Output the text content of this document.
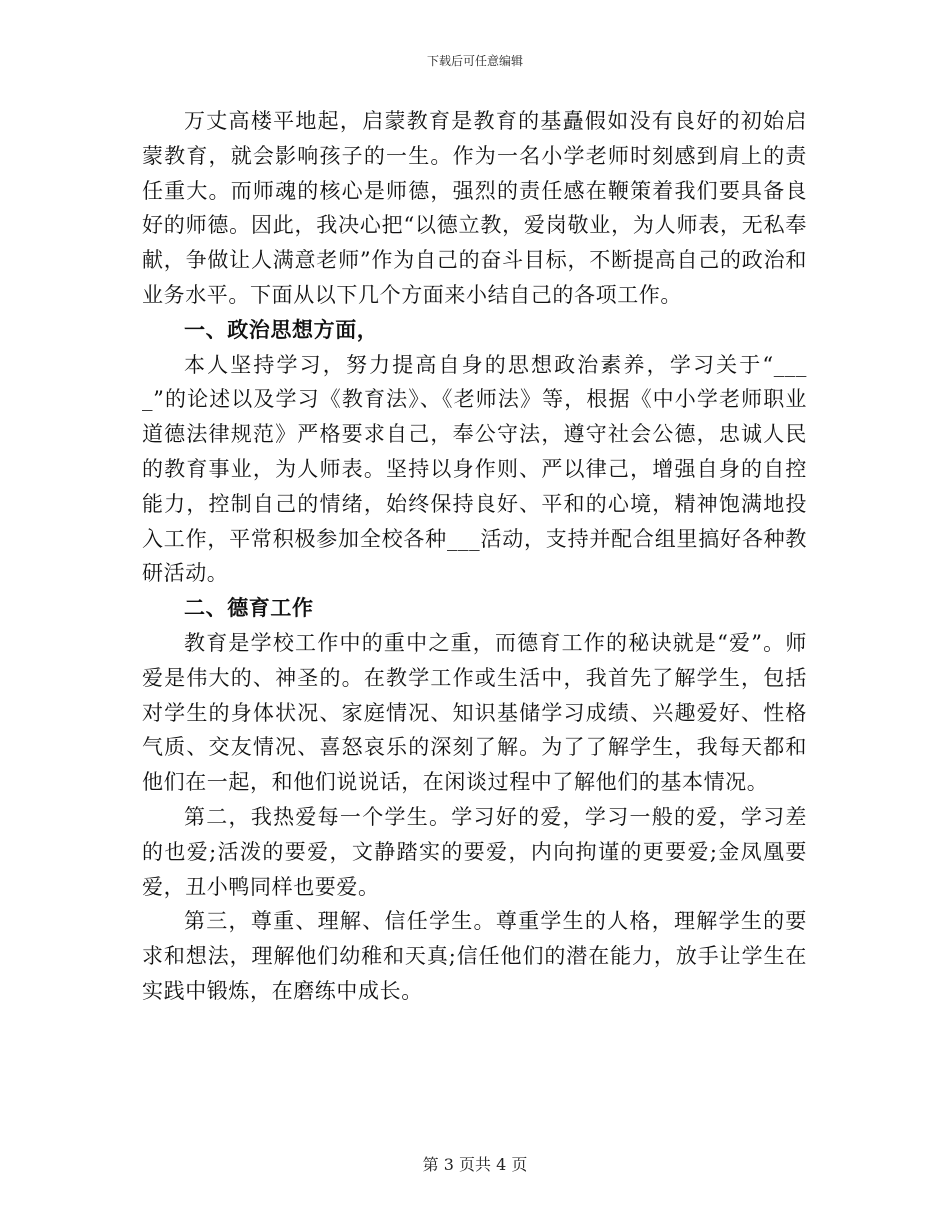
下载后可任意编辑

万丈高楼平地起，启蒙教育是教育的基矗假如没有良好的初始启蒙教育，就会影响孩子的一生。作为一名小学老师时刻感到肩上的责任重大。而师魂的核心是师德，强烈的责任感在鞭策着我们要具备良好的师德。因此，我决心把“以德立教，爱岗敬业，为人师表，无私奉献，争做让人满意老师”作为自己的奋斗目标，不断提高自己的政治和业务水平。下面从以下几个方面来小结自己的各项工作。

一、政治思想方面，

本人坚持学习，努力提高自身的思想政治素养，学习关于“____”的论述以及学习《教育法》、《老师法》等，根据《中小学老师职业道德法律规范》严格要求自己，奉公守法，遵守社会公德，忠诚人民的教育事业，为人师表。坚持以身作则、严以律己，增强自身的自控能力，控制自己的情绪，始终保持良好、平和的心境，精神饱满地投入工作，平常积极参加全校各种___活动，支持并配合组里搞好各种教研活动。

二、德育工作

教育是学校工作中的重中之重，而德育工作的秘诀就是“爱”。师爱是伟大的、神圣的。在教学工作或生活中，我首先了解学生，包括对学生的身体状况、家庭情况、知识基储学习成绩、兴趣爱好、性格气质、交友情况、喜怒哀乐的深刻了解。为了了解学生，我每天都和他们在一起，和他们说说话，在闲谈过程中了解他们的基本情况。

第二，我热爱每一个学生。学习好的爱，学习一般的爱，学习差的也爱;活泼的要爱，文静踏实的要爱，内向拘谨的更要爱;金凤凰要爱，丑小鸭同样也要爱。

第三，尊重、理解、信任学生。尊重学生的人格，理解学生的要求和想法，理解他们幼稚和天真;信任他们的潜在能力，放手让学生在实践中锻炼，在磨练中成长。

第 3 页共 4 页
